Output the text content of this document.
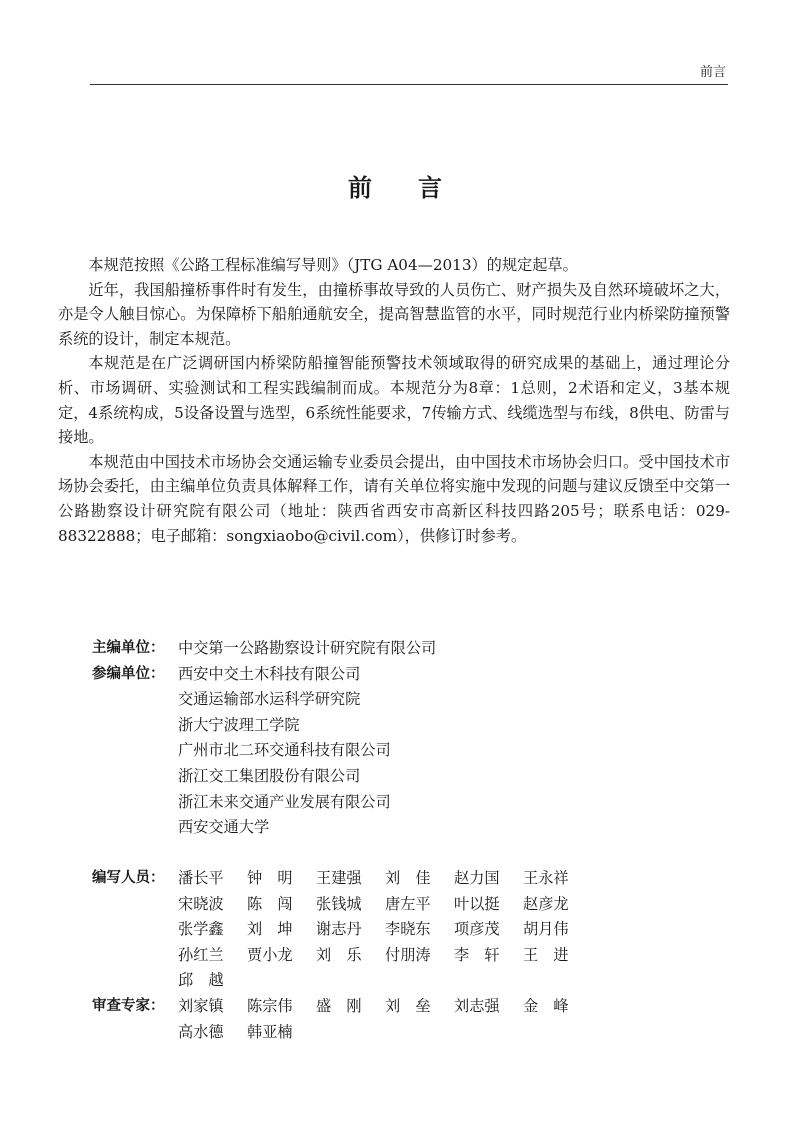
前言
前言

本规范按照《公路工程标准编写导则》（JTG A04—2013）的规定起草。

近年，我国船撞桥事件时有发生，由撞桥事故导致的人员伤亡、财产损失及自然环境破坏之大，亦是令人触目惊心。为保障桥下船舶通航安全，提高智慧监管的水平，同时规范行业内桥梁防撞预警系统的设计，制定本规范。

本规范是在广泛调研国内桥梁防船撞智能预警技术领域取得的研究成果的基础上，通过理论分析、市场调研、实验测试和工程实践编制而成。本规范分为8章：1总则，2术语和定义，3基本规定，4系统构成，5设备设置与选型，6系统性能要求，7传输方式、线缆选型与布线，8供电、防雷与接地。

本规范由中国技术市场协会交通运输专业委员会提出，由中国技术市场协会归口。受中国技术市场协会委托，由主编单位负责具体解释工作，请有关单位将实施中发现的问题与建议反馈至中交第一公路勘察设计研究院有限公司（地址：陕西省西安市高新区科技四路205号；联系电话：029-88322888；电子邮箱：songxiaobo@civil.com），供修订时参考。

主编单位： 中交第一公路勘察设计研究院有限公司
参编单位： 西安中交土木科技有限公司
交通运输部水运科学研究院
浙大宁波理工学院
广州市北二环交通科技有限公司
浙江交工集团股份有限公司
浙江未来交通产业发展有限公司
西安交通大学
编写人员： 潘长平	钟　明	王建强	刘　佳	赵力国	王永祥
宋晓波	陈　闯	张钱城	唐左平	叶以挺	赵彦龙
张学鑫	刘　坤	谢志丹	李晓东	项彦茂	胡月伟
孙红兰	贾小龙	刘　乐	付朋涛	李　轩	王　进
邱　越
审查专家： 刘家镇	陈宗伟	盛　刚	刘　垒	刘志强	金　峰
高水德	韩亚楠
